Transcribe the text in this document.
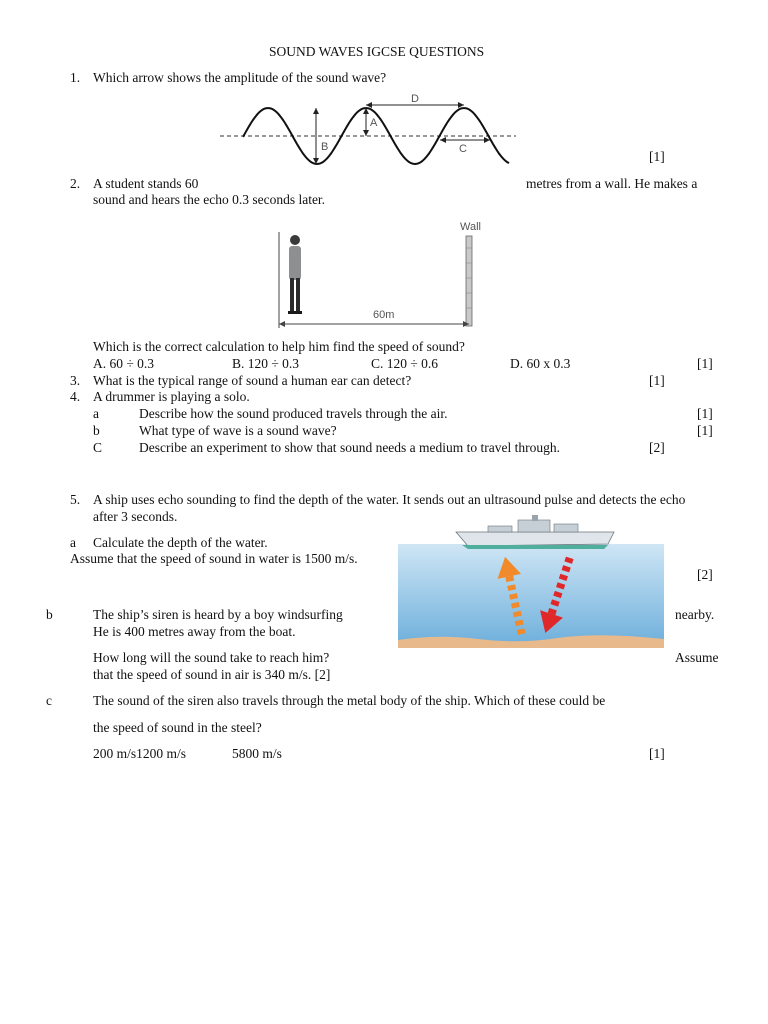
SOUND WAVES IGCSE QUESTIONS
1. Which arrow shows the amplitude of the sound wave?
B
A
D
C	[1]
2. A student stands 60	metres from a wall. He makes a
sound and hears the echo 0.3 seconds later.
Wall
60m
Which is the correct calculation to help him find the speed of sound?
A. 60 ÷ 0.3	B. 120 ÷ 0.3	C. 120 ÷ 0.6	D. 60 x 0.3	[1]
3. What is the typical range of sound a human ear can detect?	[1]
4. A drummer is playing a solo.
a	Describe how the sound produced travels through the air.	[1]
b	What type of wave is a sound wave?	[1]
C	Describe an experiment to show that sound needs a medium to travel through.	[2]
5. A ship uses echo sounding to find the depth of the water. It sends out an ultrasound pulse and detects the echo
after 3 seconds.
a Calculate the depth of the water.
Assume that the speed of sound in water is 1500 m/s.
[2]
b	The ship’s siren is heard by a boy windsurfing	nearby.
He is 400 metres away from the boat.
How long will the sound take to reach him?	Assume
that the speed of sound in air is 340 m/s. [2]
c	The sound of the siren also travels through the metal body of the ship. Which of these could be
the speed of sound in the steel?
200 m/s1200 m/s	5800 m/s	[1]
